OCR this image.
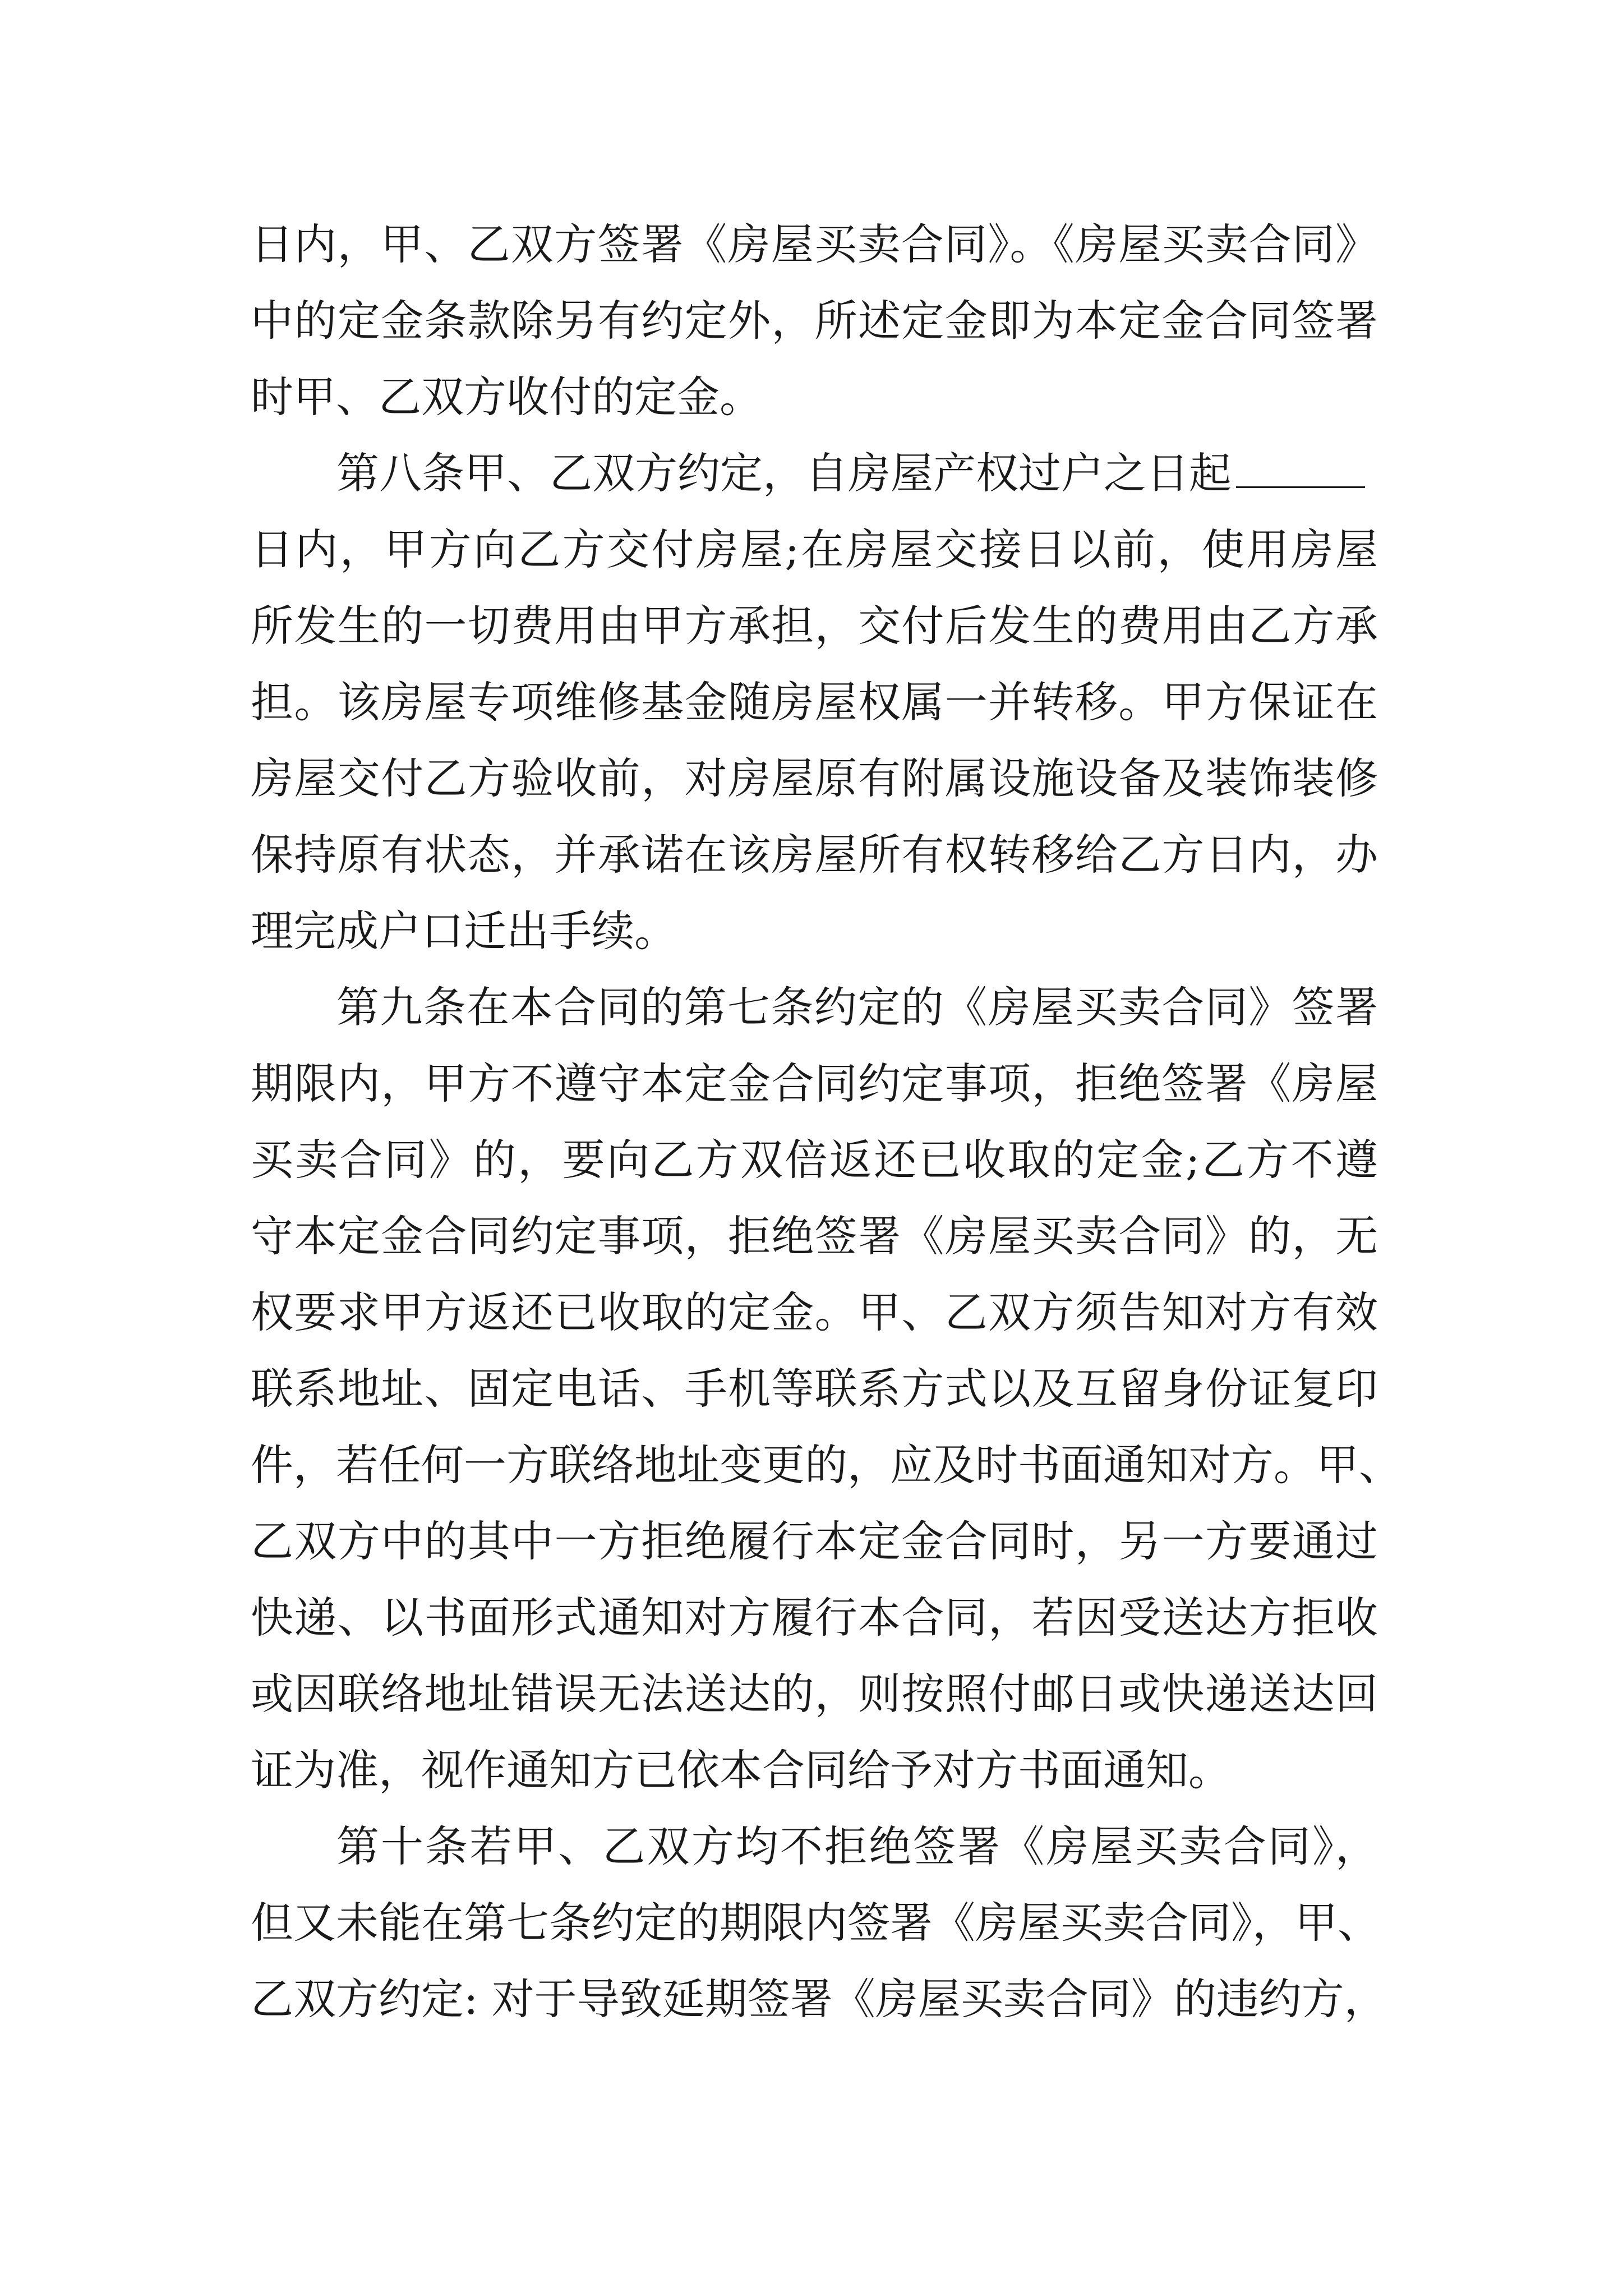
日内，甲、乙双方签署《房屋买卖合同》。《房屋买卖合同》
中的定金条款除另有约定外，所述定金即为本定金合同签署
时甲、乙双方收付的定金。
第八条甲、乙双方约定，自房屋产权过户之日起
日内，甲方向乙方交付房屋;在房屋交接日以前，使用房屋
所发生的一切费用由甲方承担，交付后发生的费用由乙方承
担。该房屋专项维修基金随房屋权属一并转移。甲方保证在
房屋交付乙方验收前，对房屋原有附属设施设备及装饰装修
保持原有状态，并承诺在该房屋所有权转移给乙方日内，办
理完成户口迁出手续。
第九条在本合同的第七条约定的《房屋买卖合同》签署
期限内，甲方不遵守本定金合同约定事项，拒绝签署《房屋
买卖合同》的，要向乙方双倍返还已收取的定金;乙方不遵
守本定金合同约定事项，拒绝签署《房屋买卖合同》的，无
权要求甲方返还已收取的定金。甲、乙双方须告知对方有效
联系地址、固定电话、手机等联系方式以及互留身份证复印
件，若任何一方联络地址变更的，应及时书面通知对方。甲、
乙双方中的其中一方拒绝履行本定金合同时，另一方要通过
快递、以书面形式通知对方履行本合同，若因受送达方拒收
或因联络地址错误无法送达的，则按照付邮日或快递送达回
证为准，视作通知方已依本合同给予对方书面通知。
第十条若甲、乙双方均不拒绝签署《房屋买卖合同》，
但又未能在第七条约定的期限内签署《房屋买卖合同》，甲、
乙双方约定: 对于导致延期签署《房屋买卖合同》的违约方，
